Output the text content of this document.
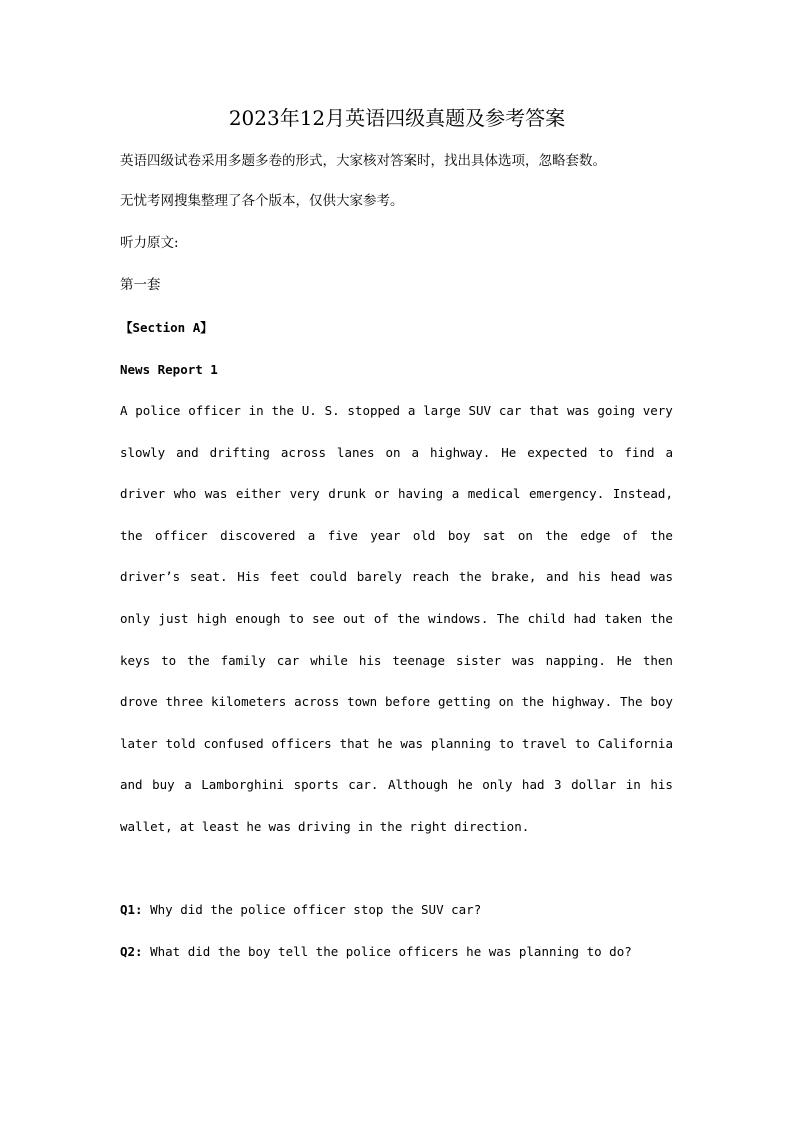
2023年12月英语四级真题及参考答案
英语四级试卷采用多题多卷的形式，大家核对答案时，找出具体选项，忽略套数。
无忧考网搜集整理了各个版本，仅供大家参考。
听力原文:
第一套
【Section A】
News Report 1
A police officer in the U. S. stopped a large SUV car that was going very
slowly and drifting across lanes on a highway. He expected to find a
driver who was either very drunk or having a medical emergency. Instead,
the officer discovered a five year old boy sat on the edge of the
driver’s seat. His feet could barely reach the brake, and his head was
only just high enough to see out of the windows. The child had taken the
keys to the family car while his teenage sister was napping. He then
drove three kilometers across town before getting on the highway. The boy
later told confused officers that he was planning to travel to California
and buy a Lamborghini sports car. Although he only had 3 dollar in his
wallet, at least he was driving in the right direction.
Q1: Why did the police officer stop the SUV car?
Q2: What did the boy tell the police officers he was planning to do?
